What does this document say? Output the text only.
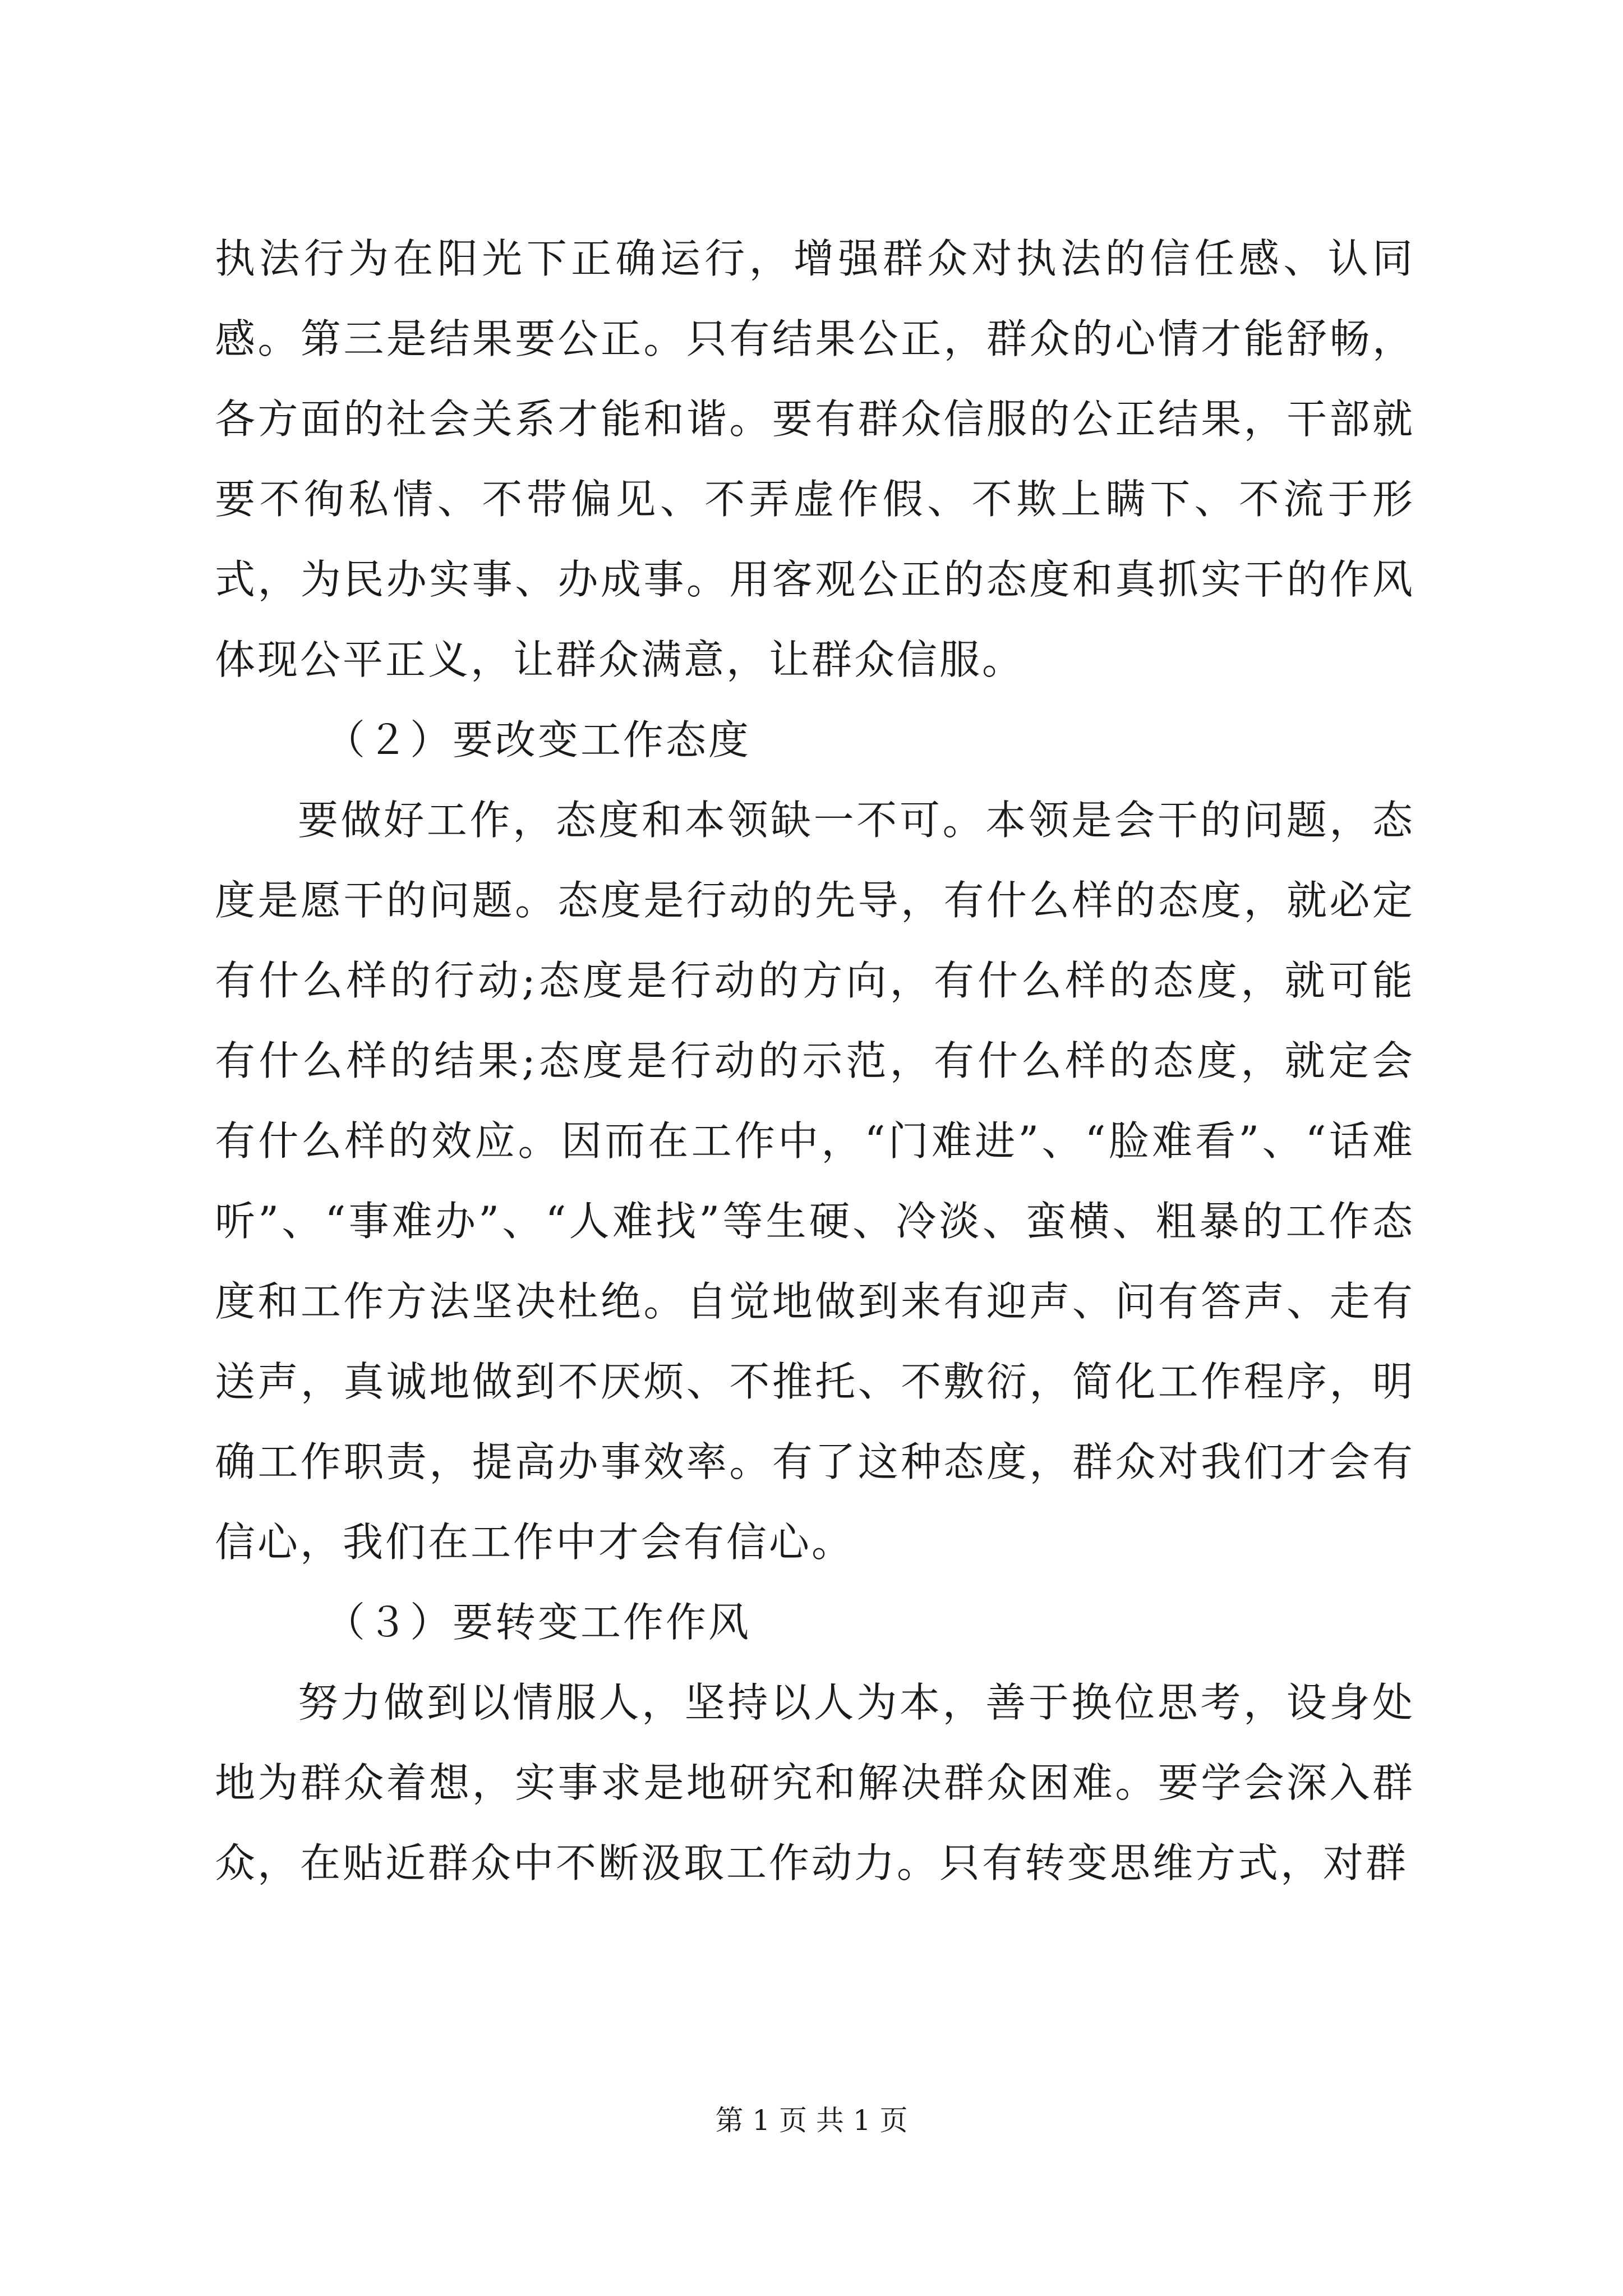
执法行为在阳光下正确运行，增强群众对执法的信任感、认同感。第三是结果要公正。只有结果公正，群众的心情才能舒畅，各方面的社会关系才能和谐。要有群众信服的公正结果，干部就要不徇私情、不带偏见、不弄虚作假、不欺上瞒下、不流于形式，为民办实事、办成事。用客观公正的态度和真抓实干的作风体现公平正义，让群众满意，让群众信服。

（２）要改变工作态度

要做好工作，态度和本领缺一不可。本领是会干的问题，态度是愿干的问题。态度是行动的先导，有什么样的态度，就必定有什么样的行动;态度是行动的方向，有什么样的态度，就可能有什么样的结果;态度是行动的示范，有什么样的态度，就定会有什么样的效应。因而在工作中，“门难进”、“脸难看”、“话难听”、“事难办”、“人难找”等生硬、冷淡、蛮横、粗暴的工作态度和工作方法坚决杜绝。自觉地做到来有迎声、问有答声、走有送声，真诚地做到不厌烦、不推托、不敷衍，简化工作程序，明确工作职责，提高办事效率。有了这种态度，群众对我们才会有信心，我们在工作中才会有信心。

（３）要转变工作作风

努力做到以情服人，坚持以人为本，善于换位思考，设身处地为群众着想，实事求是地研究和解决群众困难。要学会深入群众，在贴近群众中不断汲取工作动力。只有转变思维方式，对群

第 1 页 共 1 页
